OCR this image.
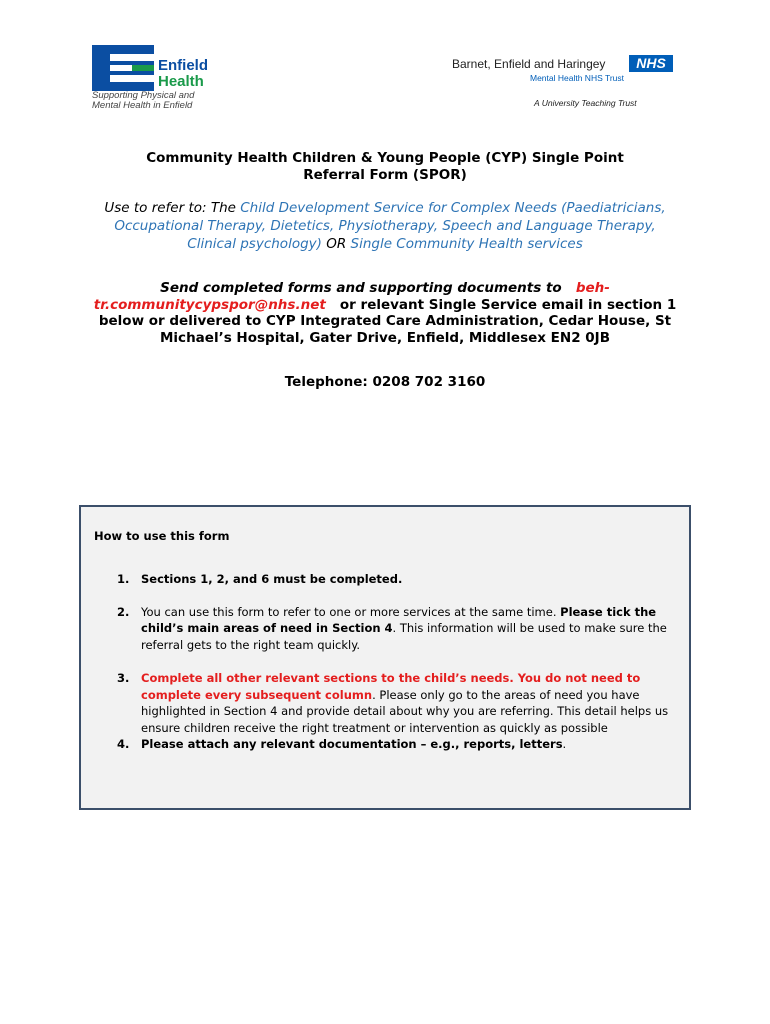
Enfield
Health
Supporting Physical and
Mental Health in Enfield
Barnet, Enfield and Haringey	NHS
Mental Health NHS Trust
A University Teaching Trust
Community Health Children & Young People (CYP) Single Point
Referral Form (SPOR)
Use to refer to: The Child Development Service for Complex Needs (Paediatricians, Occupational Therapy, Dietetics, Physiotherapy, Speech and Language Therapy, Clinical psychology) OR Single Community Health services
Send completed forms and supporting documents to beh-tr.communitycypspor@nhs.net or relevant Single Service email in section 1 below or delivered to CYP Integrated Care Administration, Cedar House, St Michael’s Hospital, Gater Drive, Enfield, Middlesex EN2 0JB
Telephone: 0208 702 3160
How to use this form
1. Sections 1, 2, and 6 must be completed.
2. You can use this form to refer to one or more services at the same time. Please tick the child’s main areas of need in Section 4. This information will be used to make sure the referral gets to the right team quickly.
3. Complete all other relevant sections to the child’s needs. You do not need to complete every subsequent column. Please only go to the areas of need you have highlighted in Section 4 and provide detail about why you are referring. This detail helps us ensure children receive the right treatment or intervention as quickly as possible
4. Please attach any relevant documentation – e.g., reports, letters.
